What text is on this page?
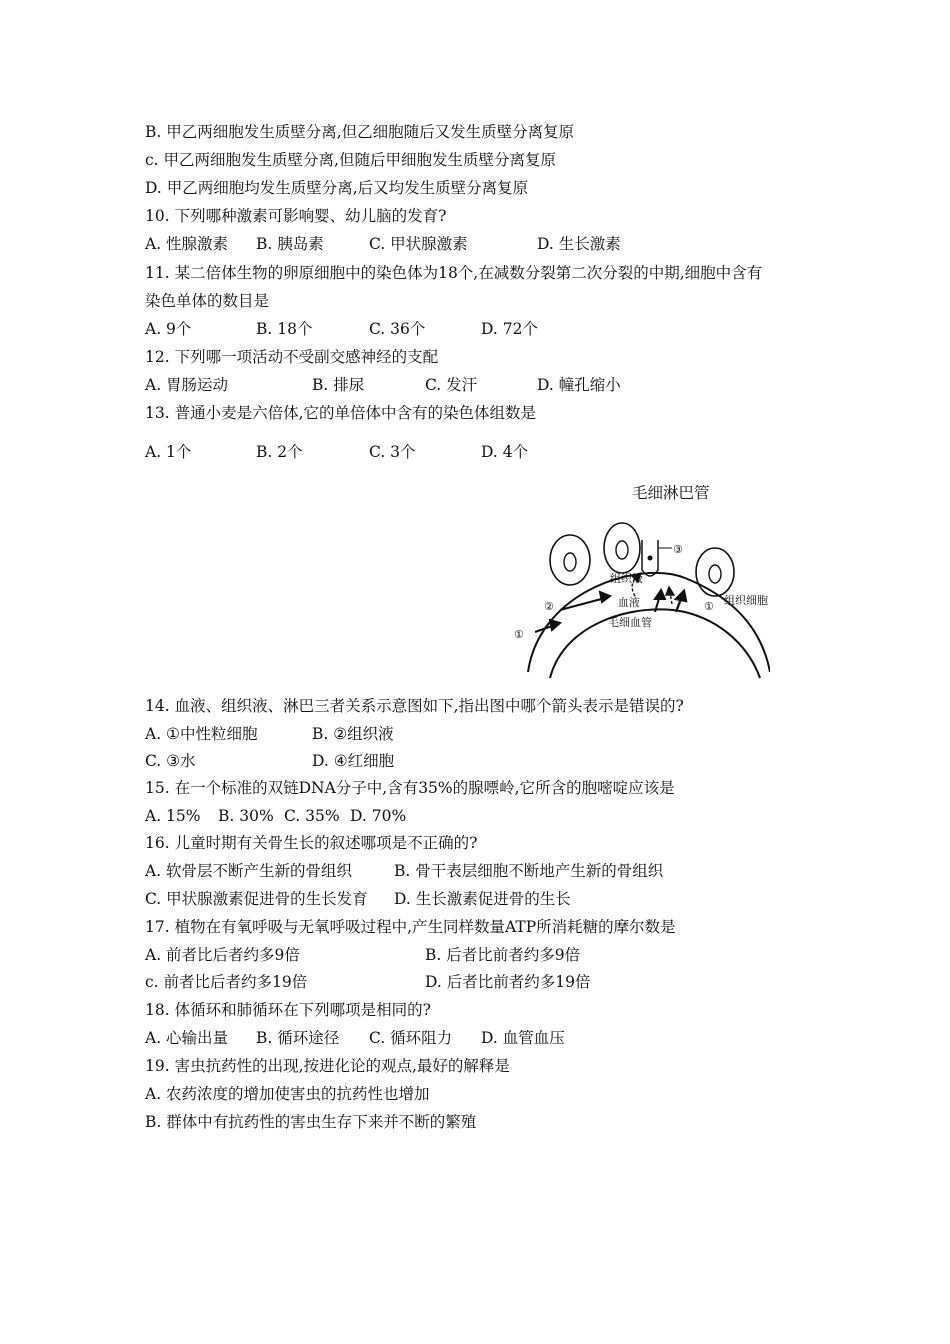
B. 甲乙两细胞发生质壁分离,但乙细胞随后又发生质壁分离复原
c. 甲乙两细胞发生质壁分离,但随后甲细胞发生质壁分离复原
D. 甲乙两细胞均发生质壁分离,后又均发生质壁分离复原
10. 下列哪种激素可影响婴、幼儿脑的发育?
A. 性腺激素 B. 胰岛素	C. 甲状腺激素	D. 生长激素
11. 某二倍体生物的卵原细胞中的染色体为18个,在减数分裂第二次分裂的中期,细胞中含有
染色单体的数目是
A. 9个	B. 18个	C. 36个	D. 72个
12. 下列哪一项活动不受副交感神经的支配
A. 胃肠运动	B. 排尿	C. 发汗	D. 幢孔缩小
13. 普通小麦是六倍体,它的单倍体中含有的染色体组数是
A. 1个	B. 2个	C. 3个	D. 4个
毛细淋巴管
组织液
血液
毛细血管
组织细胞
①
②
③
①
14. 血液、组织液、淋巴三者关系示意图如下,指出图中哪个箭头表示是错误的?
A. ①中性粒细胞	B. ②组织液
C. ③水	D. ④红细胞
15. 在一个标准的双链DNA分子中,含有35%的腺嘌岭,它所含的胞嘧啶应该是
A. 15% B. 30% C. 35% D. 70%
16. 儿童时期有关骨生长的叙述哪项是不正确的?
A. 软骨层不断产生新的骨组织	B. 骨干表层细胞不断地产生新的骨组织
C. 甲状腺激素促进骨的生长发育 D. 生长激素促进骨的生长
17. 植物在有氧呼吸与无氧呼吸过程中,产生同样数量ATP所消耗糖的摩尔数是
A. 前者比后者约多9倍	B. 后者比前者约多9倍
c. 前者比后者约多19倍	D. 后者比前者约多19倍
18. 体循环和肺循环在下列哪项是相同的?
A. 心输出量 B. 循环途径 C. 循环阻力 D. 血管血压
19. 害虫抗药性的出现,按进化论的观点,最好的解释是
A. 农药浓度的增加使害虫的抗药性也增加
B. 群体中有抗药性的害虫生存下来并不断的繁殖
